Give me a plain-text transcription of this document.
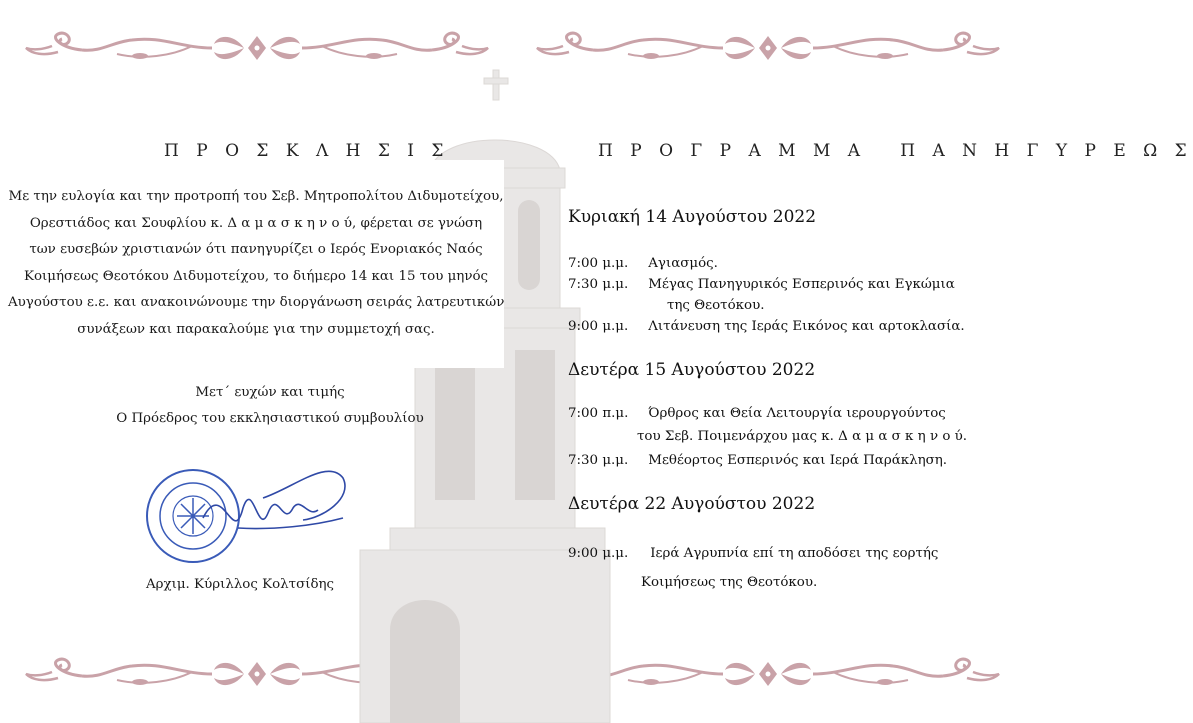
Π Ρ Ο Σ Κ Λ Η Σ Ι Σ
Με την ευλογία και την προτροπή του Σεβ. Μητροπολίτου Διδυμοτείχου,
Ορεστιάδος και Σουφλίου κ. Δ α μ α σ κ η ν ο ύ, φέρεται σε γνώση
των ευσεβών χριστιανών ότι πανηγυρίζει ο Ιερός Ενοριακός Ναός
Κοιμήσεως Θεοτόκου Διδυμοτείχου, το διήμερο 14 και 15 του μηνός
Αυγούστου ε.ε. και ανακοινώνουμε την διοργάνωση σειράς λατρευτικών
συνάξεων και παρακαλούμε για την συμμετοχή σας.
Μετ΄ ευχών και τιμής
Ο Πρόεδρος του εκκλησιαστικού συμβουλίου
Αρχιμ. Κύριλλος Κολτσίδης
Π Ρ Ο Γ Ρ Α Μ Μ Α   Π Α Ν Η Γ Υ Ρ Ε Ω Σ
Κυριακή 14 Αυγούστου 2022
7:00 μ.μ. Αγιασμός.
7:30 μ.μ. Μέγας Πανηγυρικός Εσπερινός και Εγκώμια
της Θεοτόκου.
9:00 μ.μ. Λιτάνευση της Ιεράς Εικόνος και αρτοκλασία.
Δευτέρα 15 Αυγούστου 2022
7:00 π.μ. Όρθρος και Θεία Λειτουργία ιερουργούντος
του Σεβ. Ποιμενάρχου μας κ. Δ α μ α σ κ η ν ο ύ.
7:30 μ.μ. Μεθέορτος Εσπερινός και Ιερά Παράκληση.
Δευτέρα 22 Αυγούστου 2022
9:00 μ.μ. Ιερά Αγρυπνία επί τη αποδόσει της εορτής
Κοιμήσεως της Θεοτόκου.
